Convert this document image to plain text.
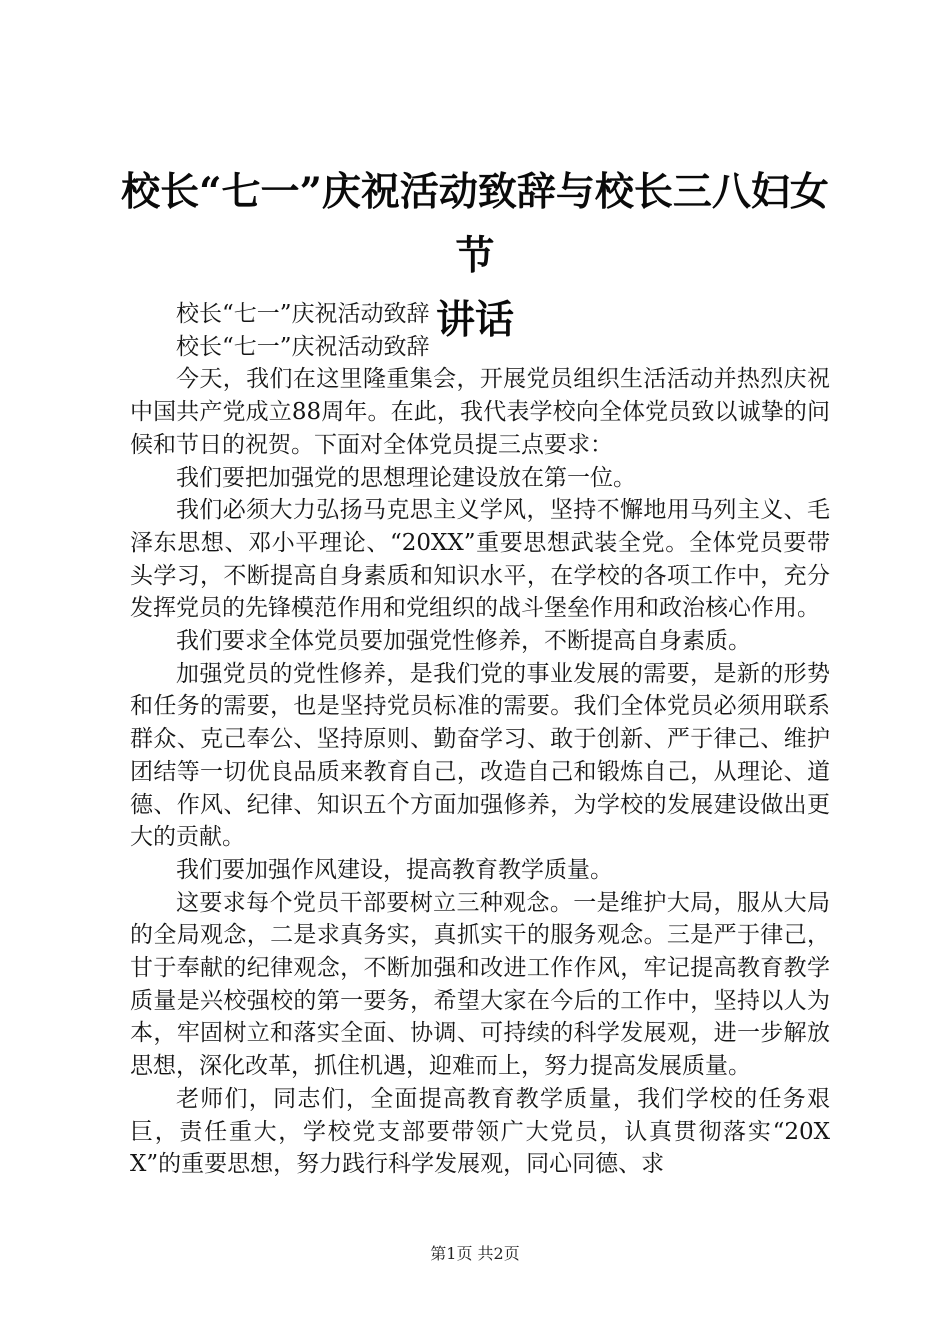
校长“七一”庆祝活动致辞与校长三八妇女节
讲话

校长“七一”庆祝活动致辞

校长“七一”庆祝活动致辞

今天，我们在这里隆重集会，开展党员组织生活活动并热烈庆祝中国共产党成立88周年。在此，我代表学校向全体党员致以诚挚的问候和节日的祝贺。下面对全体党员提三点要求：

我们要把加强党的思想理论建设放在第一位。

我们必须大力弘扬马克思主义学风，坚持不懈地用马列主义、毛泽东思想、邓小平理论、“20XX”重要思想武装全党。全体党员要带头学习，不断提高自身素质和知识水平，在学校的各项工作中，充分发挥党员的先锋模范作用和党组织的战斗堡垒作用和政治核心作用。

我们要求全体党员要加强党性修养，不断提高自身素质。

加强党员的党性修养，是我们党的事业发展的需要，是新的形势和任务的需要，也是坚持党员标准的需要。我们全体党员必须用联系群众、克己奉公、坚持原则、勤奋学习、敢于创新、严于律己、维护团结等一切优良品质来教育自己，改造自己和锻炼自己，从理论、道德、作风、纪律、知识五个方面加强修养，为学校的发展建设做出更大的贡献。

我们要加强作风建设，提高教育教学质量。

这要求每个党员干部要树立三种观念。一是维护大局，服从大局的全局观念，二是求真务实，真抓实干的服务观念。三是严于律己，甘于奉献的纪律观念，不断加强和改进工作作风，牢记提高教育教学质量是兴校强校的第一要务，希望大家在今后的工作中，坚持以人为本，牢固树立和落实全面、协调、可持续的科学发展观，进一步解放思想，深化改革，抓住机遇，迎难而上，努力提高发展质量。

老师们，同志们，全面提高教育教学质量，我们学校的任务艰巨，责任重大，学校党支部要带领广大党员，认真贯彻落实“20XX”的重要思想，努力践行科学发展观，同心同德、求

第1页 共2页
